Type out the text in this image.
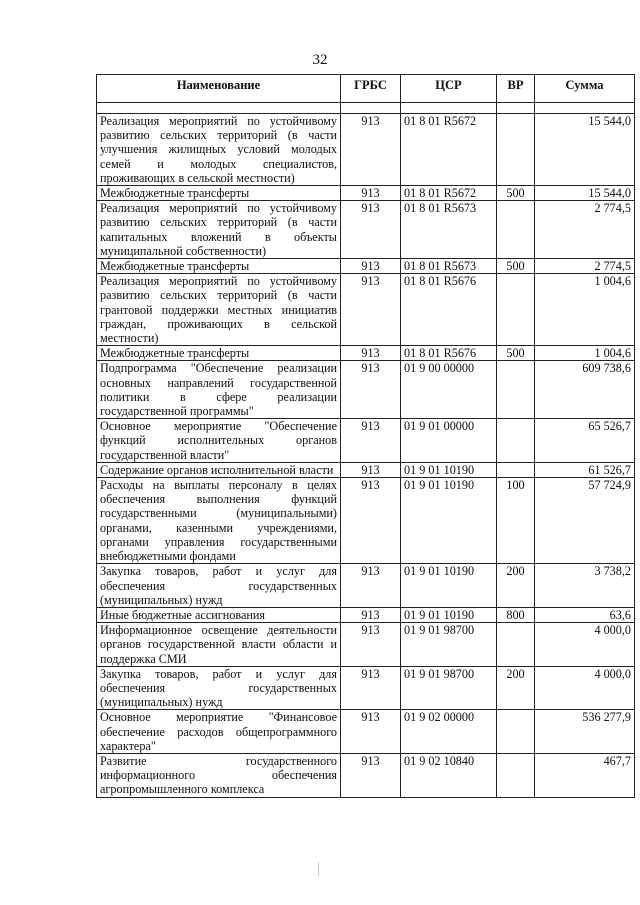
32
Наименование	ГРБС	ЦСР	ВР	Сумма

Реализация мероприятий по устойчивому развитию сельских территорий (в части улучшения жилищных условий молодых семей и молодых специалистов, проживающих в сельской местности)	913	01 8 01 R5672		15 544,0
Межбюджетные трансферты	913	01 8 01 R5672	500	15 544,0
Реализация мероприятий по устойчивому развитию сельских территорий (в части капитальных вложений в объекты муниципальной собственности)	913	01 8 01 R5673		2 774,5
Межбюджетные трансферты	913	01 8 01 R5673	500	2 774,5
Реализация мероприятий по устойчивому развитию сельских территорий (в части грантовой поддержки местных инициатив граждан, проживающих в сельской местности)	913	01 8 01 R5676		1 004,6
Межбюджетные трансферты	913	01 8 01 R5676	500	1 004,6
Подпрограмма "Обеспечение реализации основных направлений государственной политики в сфере реализации государственной программы"	913	01 9 00 00000		609 738,6
Основное мероприятие "Обеспечение функций исполнительных органов государственной власти"	913	01 9 01 00000		65 526,7
Содержание органов исполнительной власти	913	01 9 01 10190		61 526,7
Расходы на выплаты персоналу в целях обеспечения выполнения функций государственными (муниципальными) органами, казенными учреждениями, органами управления государственными внебюджетными фондами	913	01 9 01 10190	100	57 724,9
Закупка товаров, работ и услуг для обеспечения государственных (муниципальных) нужд	913	01 9 01 10190	200	3 738,2
Иные бюджетные ассигнования	913	01 9 01 10190	800	63,6
Информационное освещение деятельности органов государственной власти области и поддержка СМИ	913	01 9 01 98700		4 000,0
Закупка товаров, работ и услуг для обеспечения государственных (муниципальных) нужд	913	01 9 01 98700	200	4 000,0
Основное мероприятие "Финансовое обеспечение расходов общепрограммного характера"	913	01 9 02 00000		536 277,9
Развитие государственного информационного обеспечения агропромышленного комплекса	913	01 9 02 10840		467,7
